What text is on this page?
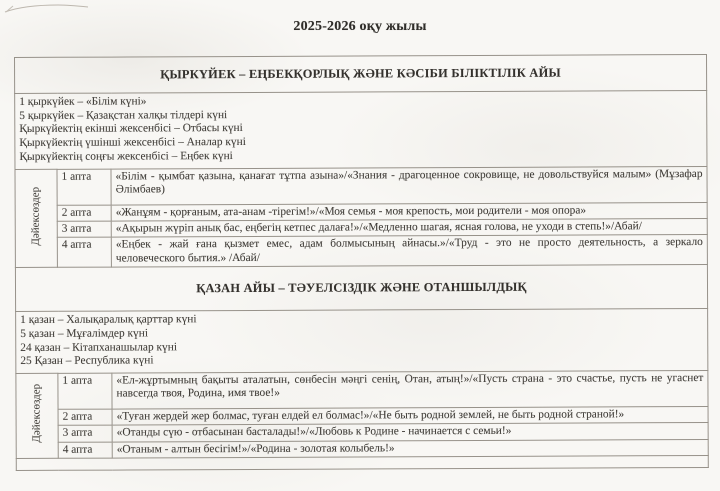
2025-2026 оқу жылы
ҚЫРКҮЙЕК – ЕҢБЕКҚОРЛЫҚ ЖӘНЕ КӘСІБИ БІЛІКТІЛІК АЙЫ		

1 қыркүйек – «Білім күні»
5 қыркүйек – Қазақстан халқы тілдері күні
Қыркүйектің екінші жексенбісі – Отбасы күні
Қыркүйектің үшінші жексенбісі – Аналар күні
Қыркүйектің соңғы жексенбісі – Еңбек күні		

Дәйексөздер	1 апта	«Білім - қымбат қазына, қанағат тұтпа азына»/«Знания - драгоценное сокровище, не довольствуйся малым» (Мұзафар Әлімбаев)
	2 апта	«Жанұям - қорғаным, ата-анам -тірегім!»/«Моя семья - моя крепость, мои родители - моя опора»
	3 апта	«Ақырын жүріп анық бас, еңбегің кетпес далаға!»/«Медленно шагая, ясная голова, не уходи в степь!»/Абай/
	4 апта	«Еңбек - жай ғана қызмет емес, адам болмысының айнасы.»/«Труд - это не просто деятельность, а зеркало человеческого бытия.» /Абай/
ҚАЗАН АЙЫ – ТӘУЕЛСІЗДІК ЖӘНЕ ОТАНШЫЛДЫҚ		

1 қазан – Халықаралық қарттар күні
5 қазан – Мұғалімдер күні
24 қазан – Кітапханашылар күні
25 Қазан – Республика күні		

Дәйексөздер	1 апта	«Ел-жұртымның бақыты аталатын, сөнбесін мәңгі сенің, Отан, атың!»/«Пусть страна - это счастье, пусть не угаснет навсегда твоя, Родина, имя твое!»
	2 апта	«Туған жердей жер болмас, туған елдей ел болмас!»/«Не быть родной землей, не быть родной страной!»
	3 апта	«Отанды сүю - отбасынан басталады!»/«Любовь к Родине - начинается с семьи!»
	4 апта	«Отаным - алтын бесігім!»/«Родина - золотая колыбель!»
